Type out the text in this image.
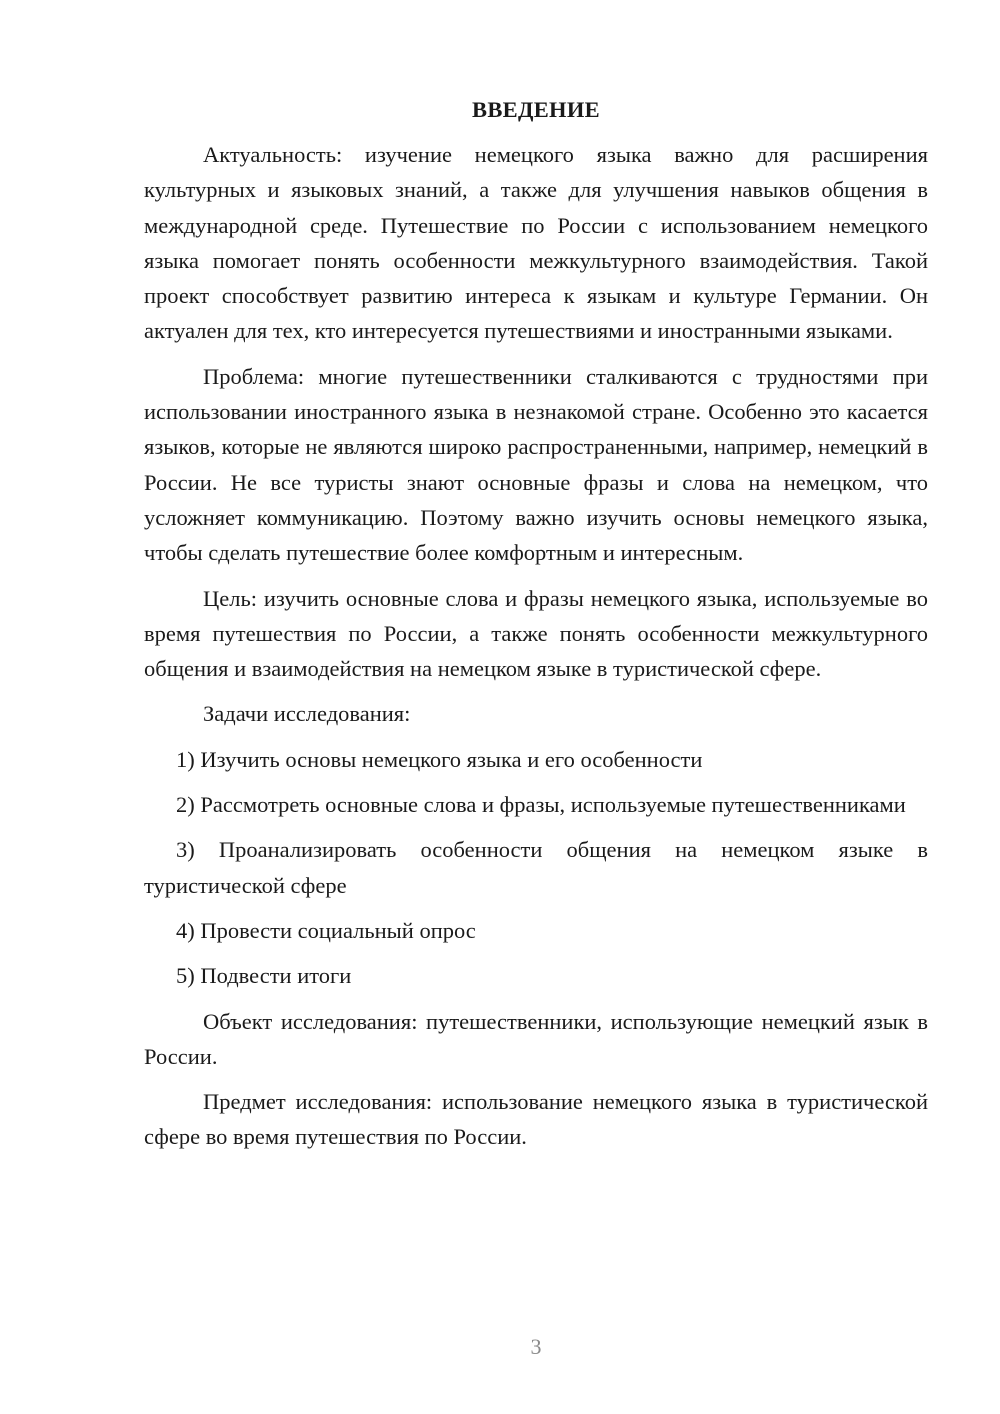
ВВЕДЕНИЕ

Актуальность: изучение немецкого языка важно для расширения культурных и языковых знаний, а также для улучшения навыков общения в международной среде. Путешествие по России с использованием немецкого языка помогает понять особенности межкультурного взаимодействия. Такой проект способствует развитию интереса к языкам и культуре Германии. Он актуален для тех, кто интересуется путешествиями и иностранными языками.

Проблема: многие путешественники сталкиваются с трудностями при использовании иностранного языка в незнакомой стране. Особенно это касается языков, которые не являются широко распространенными, например, немецкий в России. Не все туристы знают основные фразы и слова на немецком, что усложняет коммуникацию. Поэтому важно изучить основы немецкого языка, чтобы сделать путешествие более комфортным и интересным.

Цель: изучить основные слова и фразы немецкого языка, используемые во время путешествия по России, а также понять особенности межкультурного общения и взаимодействия на немецком языке в туристической сфере.

Задачи исследования:

1) Изучить основы немецкого языка и его особенности
2) Рассмотреть основные слова и фразы, используемые путешественниками
3) Проанализировать особенности общения на немецком языке в туристической сфере
4) Провести социальный опрос
5) Подвести итоги

Объект исследования: путешественники, использующие немецкий язык в России.

Предмет исследования: использование немецкого языка в туристической сфере во время путешествия по России.

3
